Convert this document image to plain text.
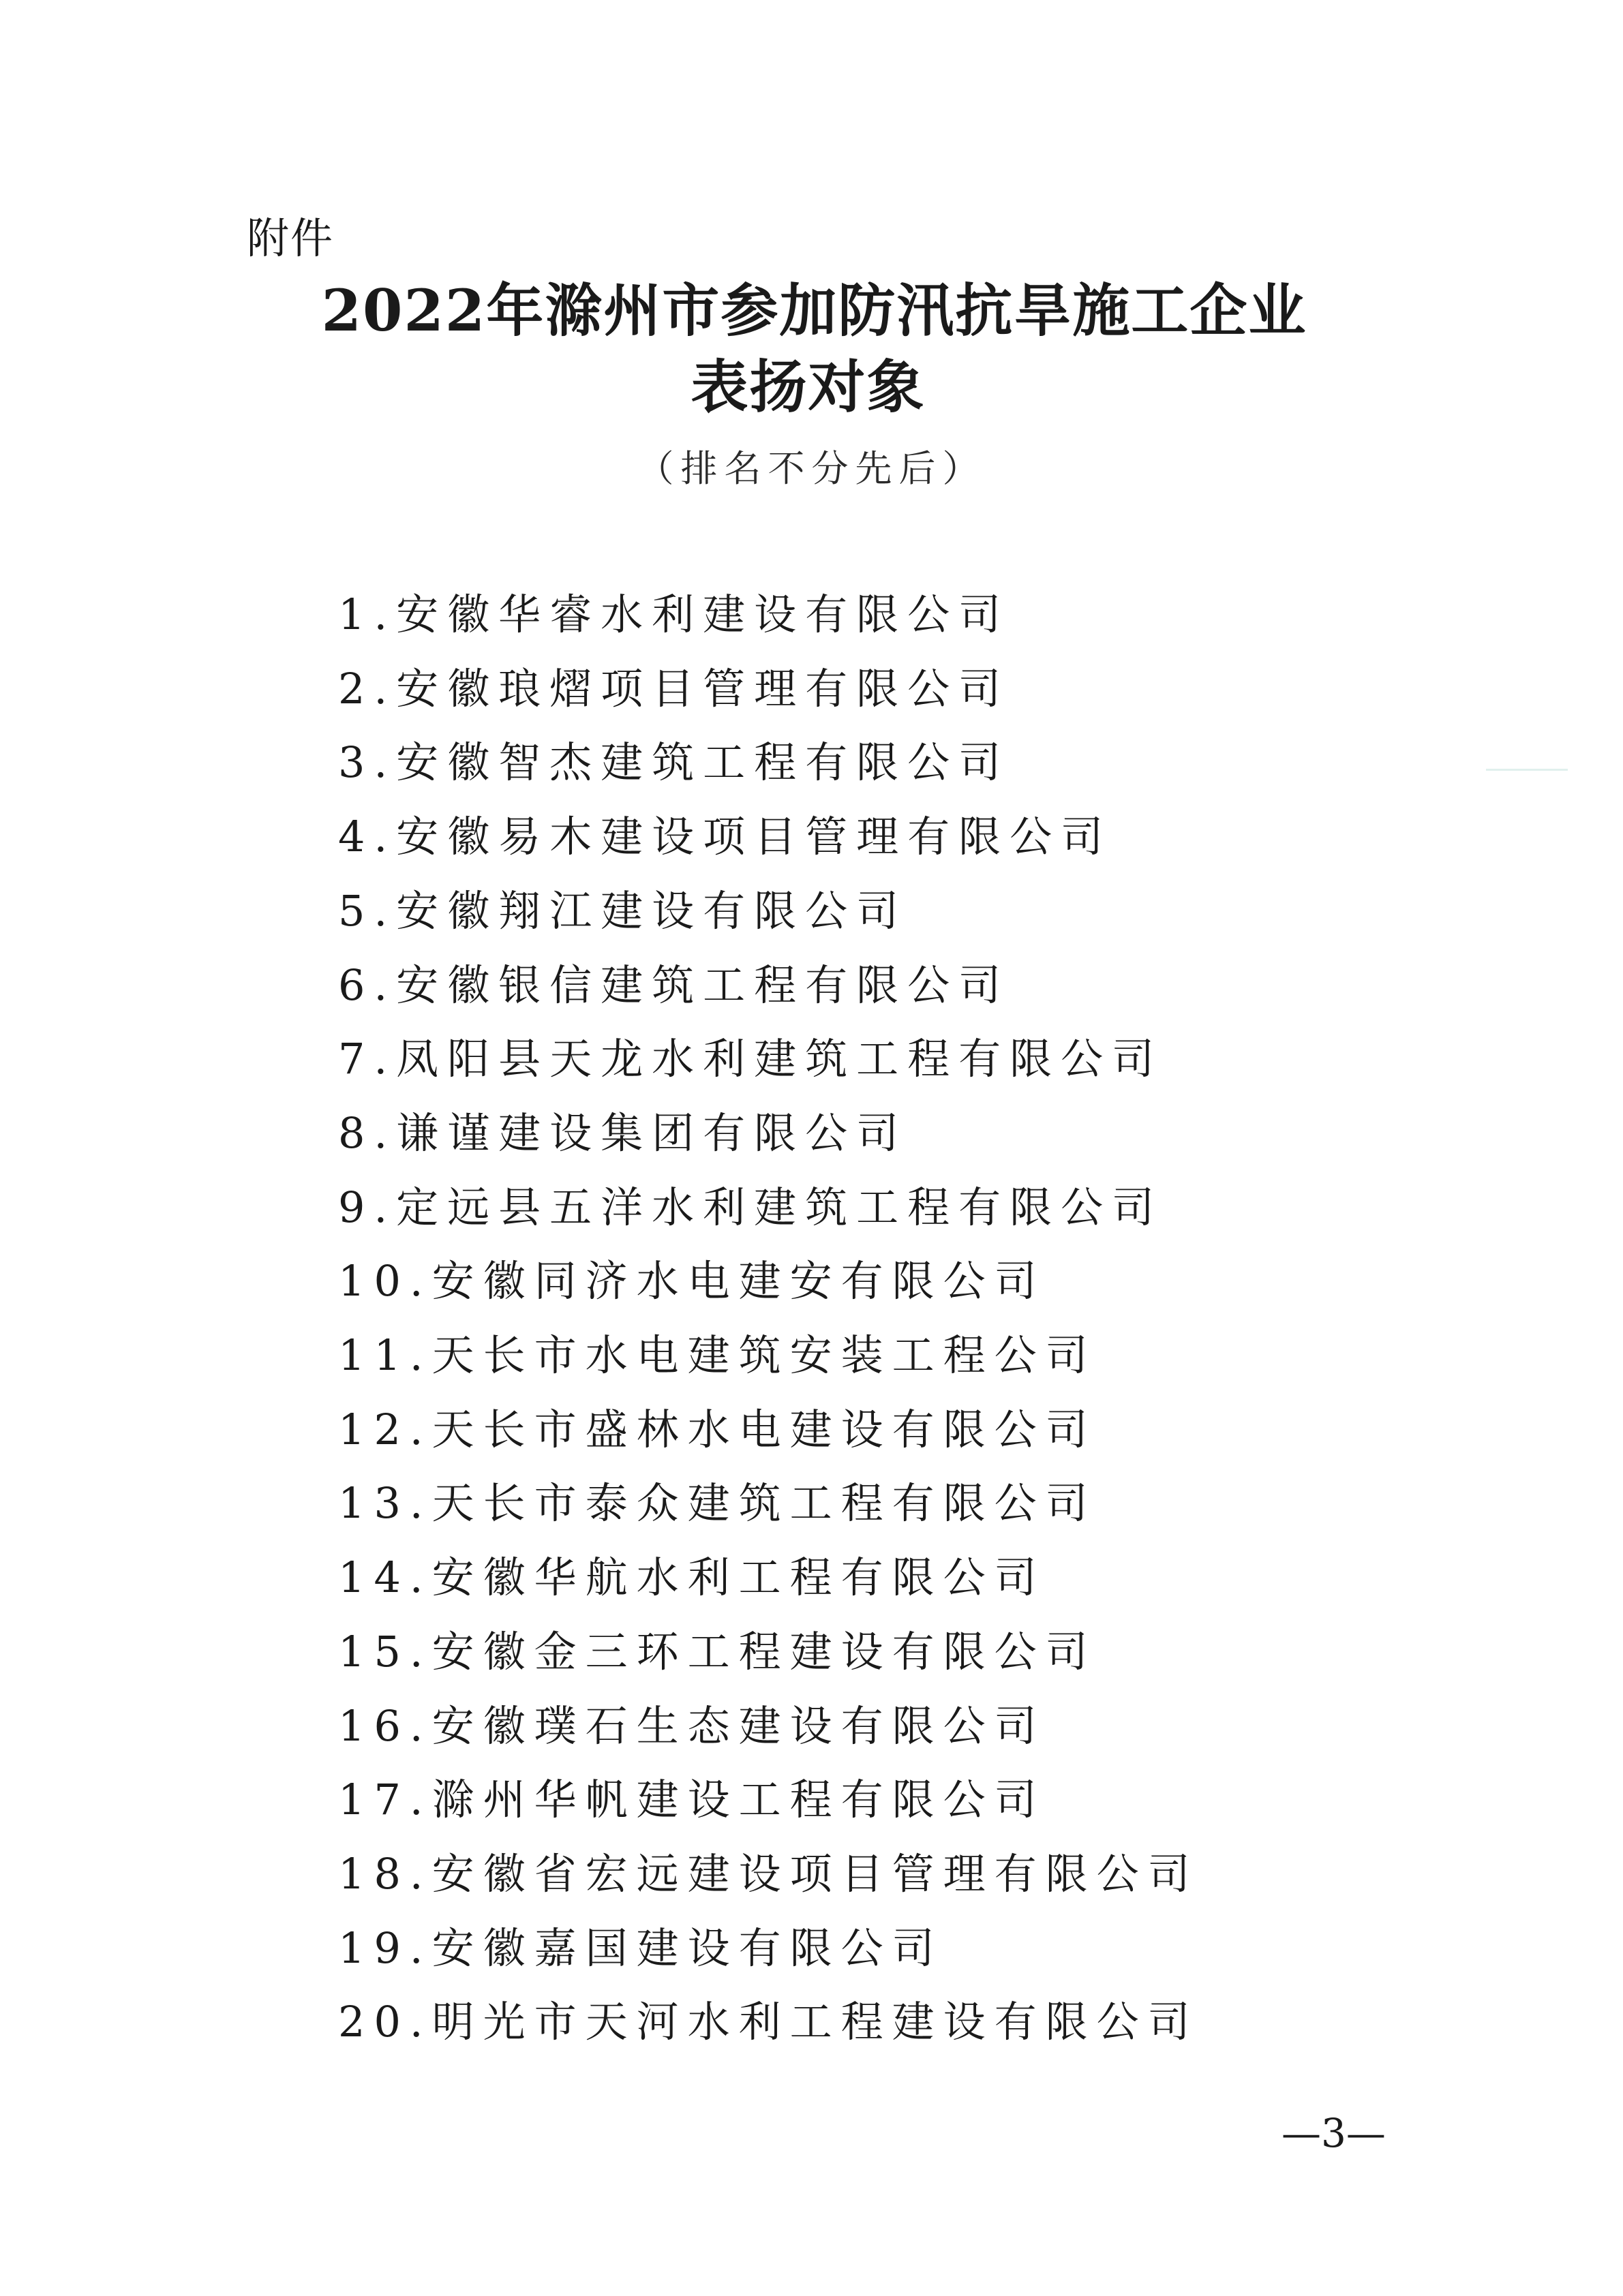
附件

2022年滁州市参加防汛抗旱施工企业
表扬对象

（排名不分先后）

1.安徽华睿水利建设有限公司
2.安徽琅熠项目管理有限公司
3.安徽智杰建筑工程有限公司
4.安徽易木建设项目管理有限公司
5.安徽翔江建设有限公司
6.安徽银信建筑工程有限公司
7.凤阳县天龙水利建筑工程有限公司
8.谦谨建设集团有限公司
9.定远县五洋水利建筑工程有限公司
10.安徽同济水电建安有限公司
11.天长市水电建筑安装工程公司
12.天长市盛林水电建设有限公司
13.天长市泰众建筑工程有限公司
14.安徽华航水利工程有限公司
15.安徽金三环工程建设有限公司
16.安徽璞石生态建设有限公司
17.滁州华帆建设工程有限公司
18.安徽省宏远建设项目管理有限公司
19.安徽嘉国建设有限公司
20.明光市天河水利工程建设有限公司

—3—
